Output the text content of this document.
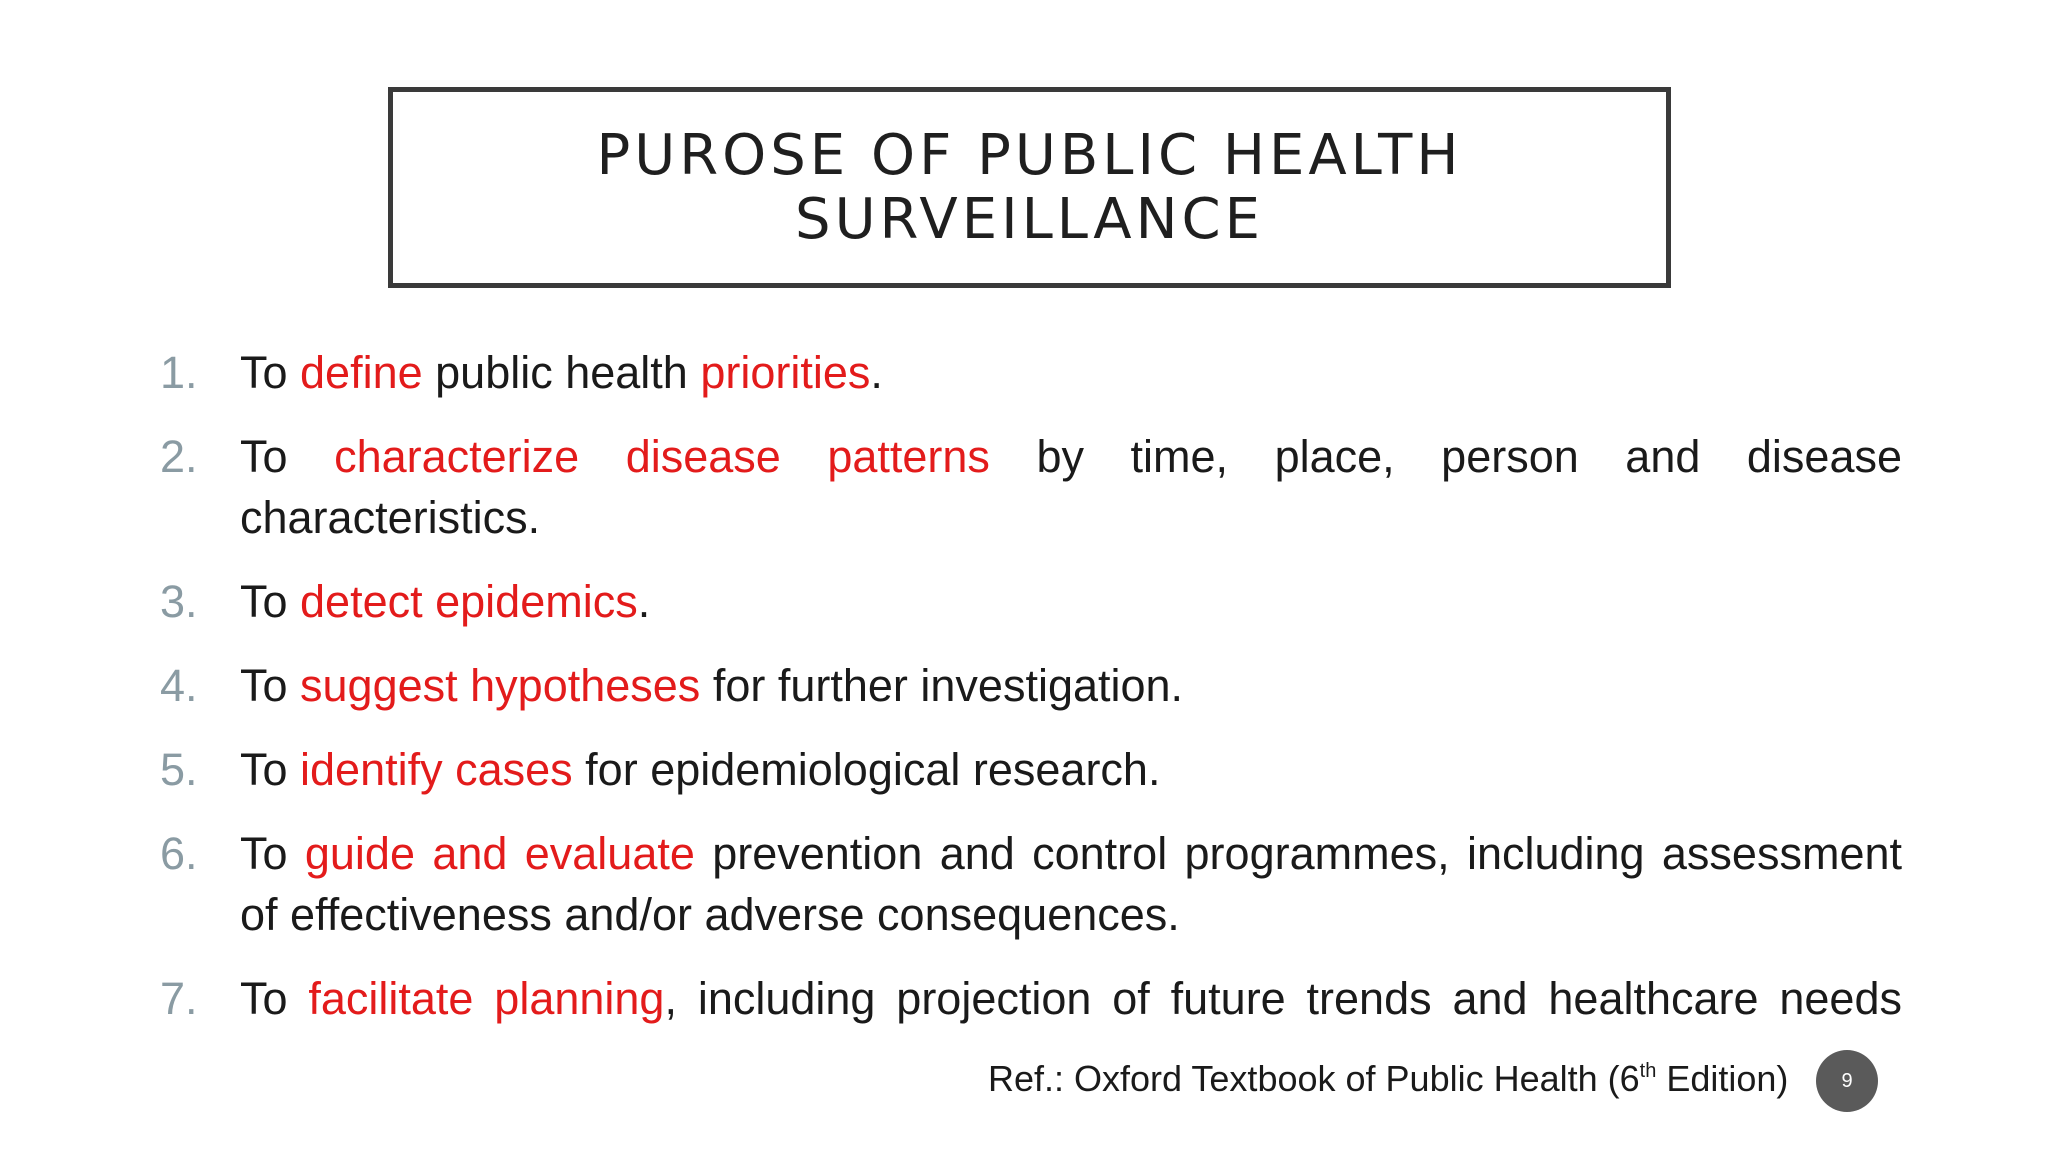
PUROSE OF PUBLIC HEALTH
SURVEILLANCE
1. To define public health priorities.
2. To characterize disease patterns by time, place, person and disease characteristics.
3. To detect epidemics.
4. To suggest hypotheses for further investigation.
5. To identify cases for epidemiological research.
6. To guide and evaluate prevention and control programmes, including assessment of effectiveness and/or adverse consequences.
7. To facilitate planning, including projection of future trends and healthcare needs
Ref.: Oxford Textbook of Public Health (6th Edition)	9
